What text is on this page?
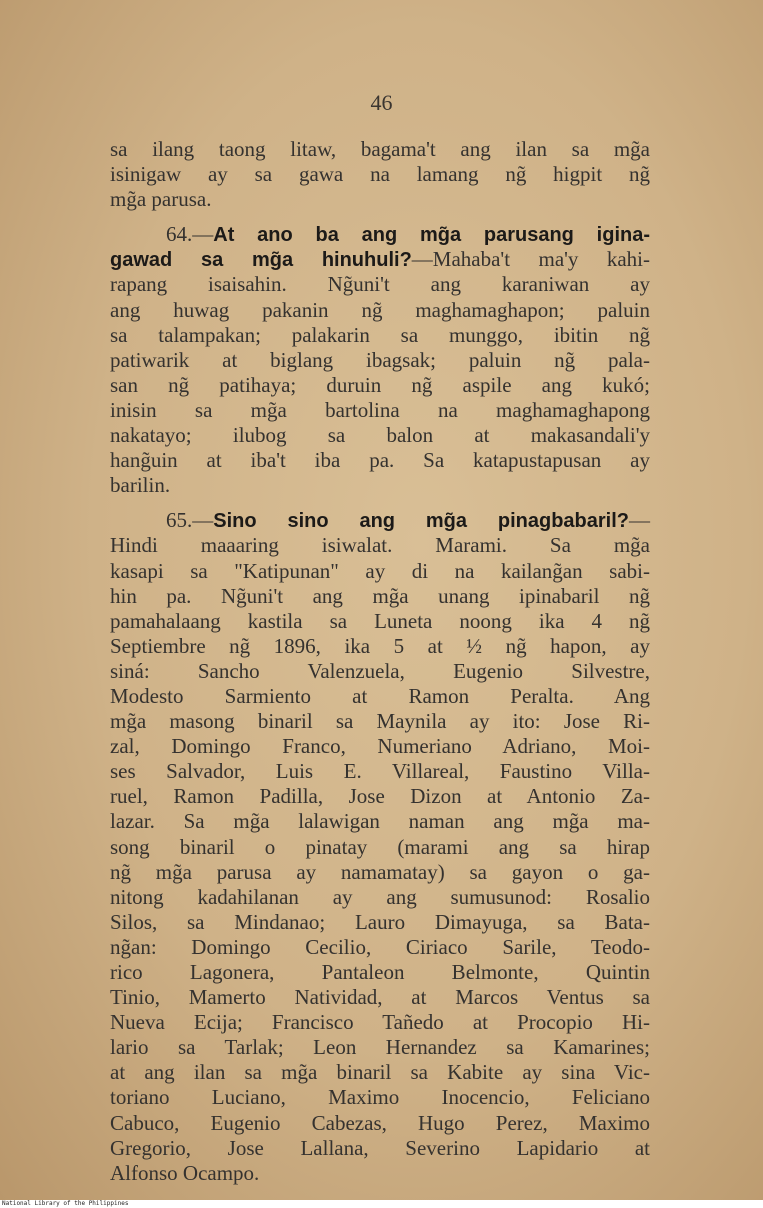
46
sa ilang taong litaw, bagama't ang ilan sa mg̃a
isinigaw ay sa gawa na lamang ng̃ higpit ng̃
mg̃a parusa.
64.—At ano ba ang mg̃a parusang igina-
gawad sa mg̃a hinuhuli?—Mahaba't ma'y kahi-
rapang isaisahin. Ng̃uni't ang karaniwan ay
ang huwag pakanin ng̃ maghamaghapon; paluin
sa talampakan; palakarin sa munggo, ibitin ng̃
patiwarik at biglang ibagsak; paluin ng̃ pala-
san ng̃ patihaya; duruin ng̃ aspile ang kukó;
inisin sa mg̃a bartolina na maghamaghapong
nakatayo; ilubog sa balon at makasandali'y
hang̃uin at iba't iba pa. Sa katapustapusan ay
barilin.
65.—Sino sino ang mg̃a pinagbabaril?—
Hindi maaaring isiwalat. Marami. Sa mg̃a
kasapi sa "Katipunan" ay di na kailang̃an sabi-
hin pa. Ng̃uni't ang mg̃a unang ipinabaril ng̃
pamahalaang kastila sa Luneta noong ika 4 ng̃
Septiembre ng̃ 1896, ika 5 at ½ ng̃ hapon, ay
siná: Sancho Valenzuela, Eugenio Silvestre,
Modesto Sarmiento at Ramon Peralta. Ang
mg̃a masong binaril sa Maynila ay ito: Jose Ri-
zal, Domingo Franco, Numeriano Adriano, Moi-
ses Salvador, Luis E. Villareal, Faustino Villa-
ruel, Ramon Padilla, Jose Dizon at Antonio Za-
lazar. Sa mg̃a lalawigan naman ang mg̃a ma-
song binaril o pinatay (marami ang sa hirap
ng̃ mg̃a parusa ay namamatay) sa gayon o ga-
nitong kadahilanan ay ang sumusunod: Rosalio
Silos, sa Mindanao; Lauro Dimayuga, sa Bata-
ng̃an: Domingo Cecilio, Ciriaco Sarile, Teodo-
rico Lagonera, Pantaleon Belmonte, Quintin
Tinio, Mamerto Natividad, at Marcos Ventus sa
Nueva Ecija; Francisco Tañedo at Procopio Hi-
lario sa Tarlak; Leon Hernandez sa Kamarines;
at ang ilan sa mg̃a binaril sa Kabite ay sina Vic-
toriano Luciano, Maximo Inocencio, Feliciano
Cabuco, Eugenio Cabezas, Hugo Perez, Maximo
Gregorio, Jose Lallana, Severino Lapidario at
Alfonso Ocampo.
National Library of the Philippines
